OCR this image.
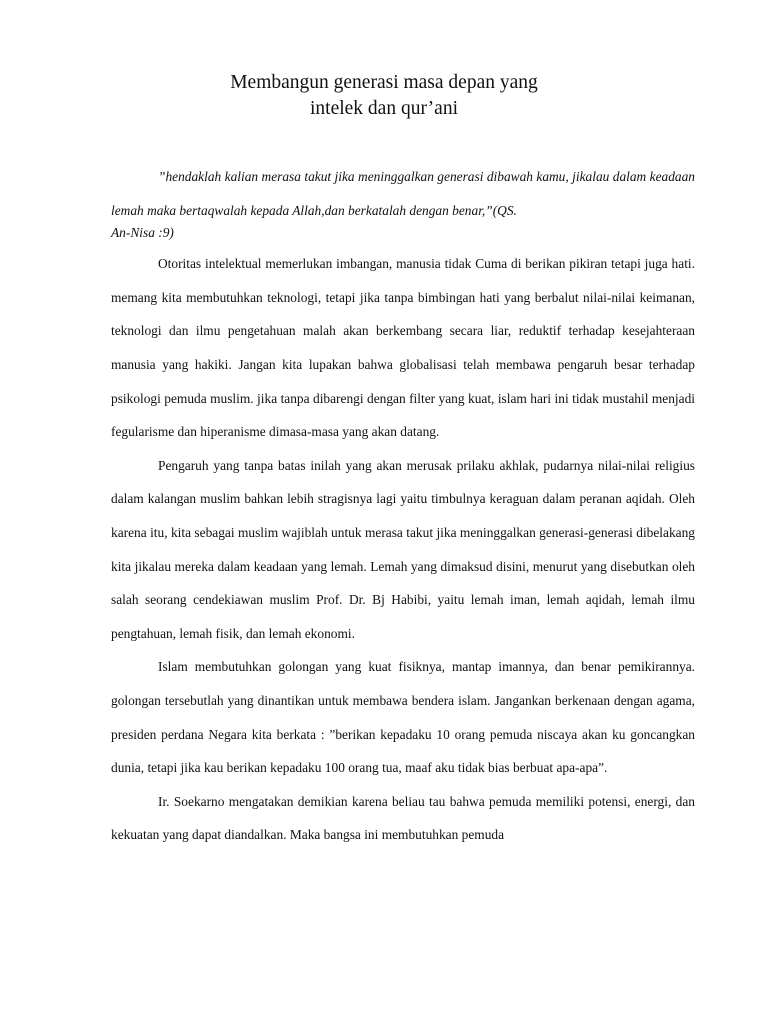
Membangun generasi masa depan yang
intelek dan qur’ani

”hendaklah kalian merasa takut jika meninggalkan generasi dibawah kamu, jikalau dalam keadaan lemah maka bertaqwalah kepada Allah,dan berkatalah dengan benar,”(QS.

An-Nisa :9)

Otoritas intelektual memerlukan imbangan, manusia tidak Cuma di berikan pikiran tetapi juga hati. memang kita membutuhkan teknologi, tetapi jika tanpa bimbingan hati yang berbalut nilai-nilai keimanan, teknologi dan ilmu pengetahuan malah akan berkembang secara liar, reduktif terhadap kesejahteraan manusia yang hakiki. Jangan kita lupakan bahwa globalisasi telah membawa pengaruh besar terhadap psikologi pemuda muslim. jika tanpa dibarengi dengan filter yang kuat, islam hari ini tidak mustahil menjadi fegularisme dan hiperanisme dimasa-masa yang akan datang.

Pengaruh yang tanpa batas inilah yang akan merusak prilaku akhlak, pudarnya nilai-nilai religius dalam kalangan muslim bahkan lebih stragisnya lagi yaitu timbulnya keraguan dalam peranan aqidah. Oleh karena itu, kita sebagai muslim wajiblah untuk merasa takut jika meninggalkan generasi-generasi dibelakang kita jikalau mereka dalam keadaan yang lemah. Lemah yang dimaksud disini, menurut yang disebutkan oleh salah seorang cendekiawan muslim Prof. Dr. Bj Habibi, yaitu lemah iman, lemah aqidah, lemah ilmu pengtahuan, lemah fisik, dan lemah ekonomi.

Islam membutuhkan golongan yang kuat fisiknya, mantap imannya, dan benar pemikirannya. golongan tersebutlah yang dinantikan untuk membawa bendera islam. Jangankan berkenaan dengan agama, presiden perdana Negara kita berkata : ”berikan kepadaku 10 orang pemuda niscaya akan ku goncangkan dunia, tetapi jika kau berikan kepadaku 100 orang tua, maaf aku tidak bias berbuat apa-apa”.

Ir. Soekarno mengatakan demikian karena beliau tau bahwa pemuda memiliki potensi, energi, dan kekuatan yang dapat diandalkan. Maka bangsa ini membutuhkan pemuda
